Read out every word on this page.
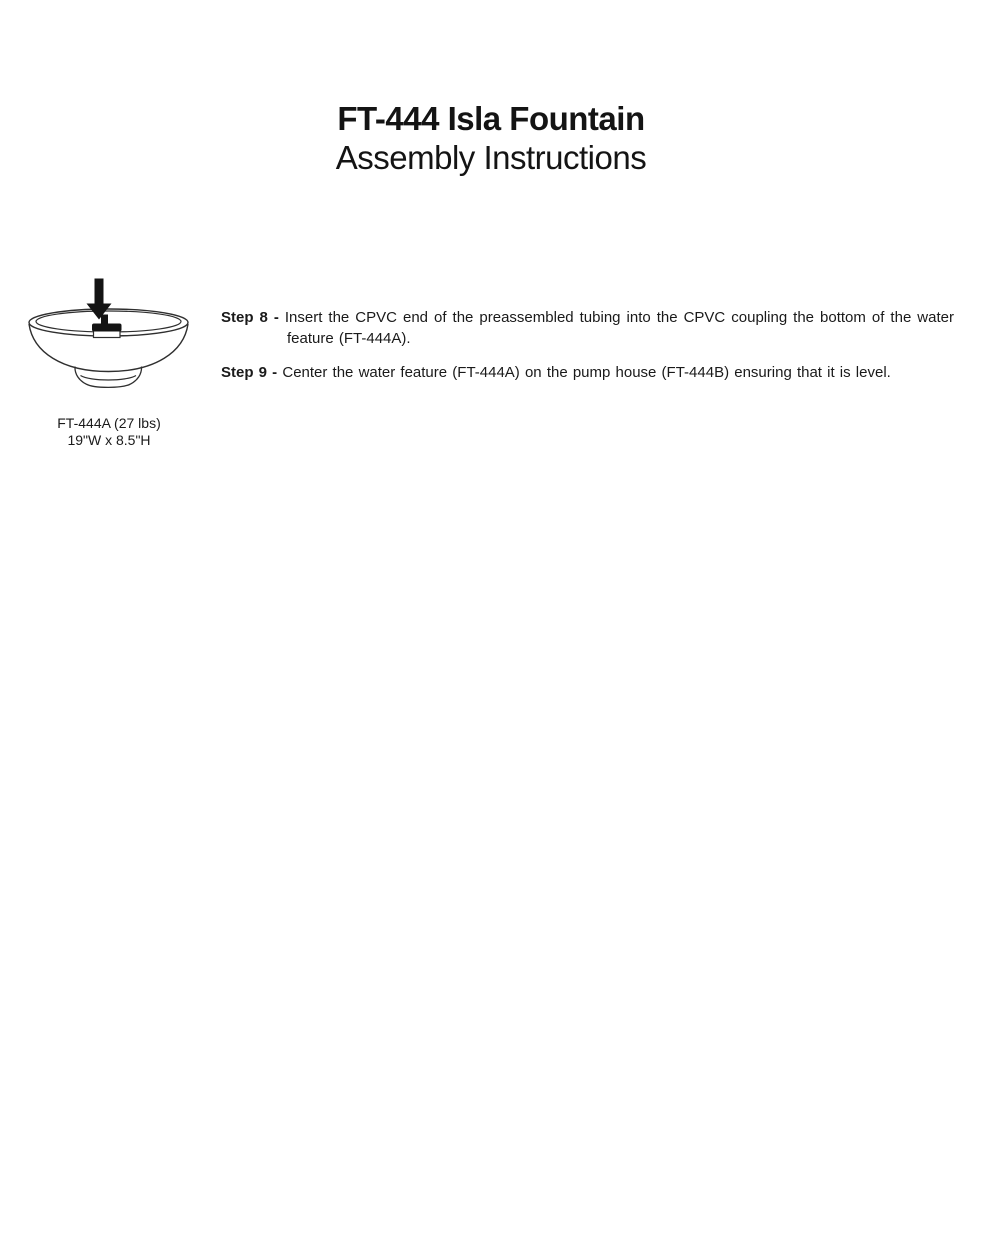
FT-444 Isla Fountain
Assembly Instructions
FT-444A (27 lbs)
19"W x 8.5"H

Step 8 - Insert the CPVC end of the preassembled tubing into the CPVC coupling the bottom of the water feature (FT-444A).

Step 9 - Center the water feature (FT-444A) on the pump house (FT-444B) ensuring that it is level.
